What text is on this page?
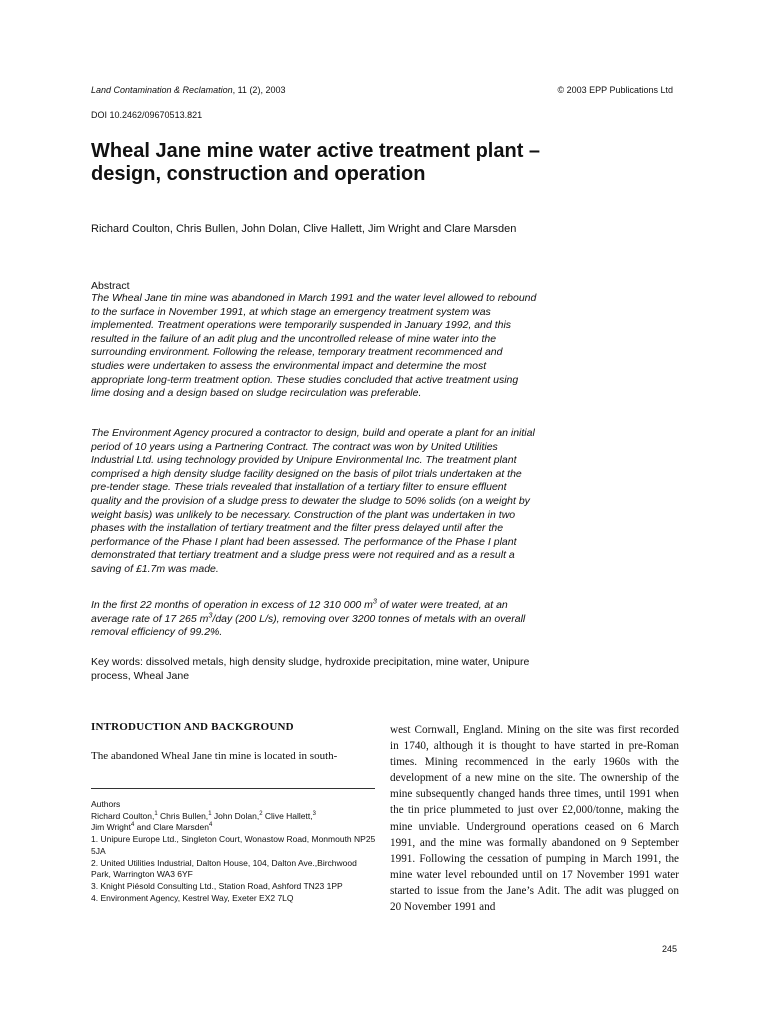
Land Contamination & Reclamation, 11 (2), 2003	© 2003 EPP Publications Ltd
DOI 10.2462/09670513.821
Wheal Jane mine water active treatment plant – design, construction and operation
Richard Coulton, Chris Bullen, John Dolan, Clive Hallett, Jim Wright and Clare Marsden
Abstract

The Wheal Jane tin mine was abandoned in March 1991 and the water level allowed to rebound to the surface in November 1991, at which stage an emergency treatment system was implemented. Treatment operations were temporarily suspended in January 1992, and this resulted in the failure of an adit plug and the uncontrolled release of mine water into the surrounding environment. Following the release, temporary treatment recommenced and studies were undertaken to assess the environmental impact and determine the most appropriate long-term treatment option. These studies concluded that active treatment using lime dosing and a design based on sludge recirculation was preferable.

The Environment Agency procured a contractor to design, build and operate a plant for an initial period of 10 years using a Partnering Contract. The contract was won by United Utilities Industrial Ltd. using technology provided by Unipure Environmental Inc. The treatment plant comprised a high density sludge facility designed on the basis of pilot trials undertaken at the pre-tender stage. These trials revealed that installation of a tertiary filter to ensure effluent quality and the provision of a sludge press to dewater the sludge to 50% solids (on a weight by weight basis) was unlikely to be necessary. Construction of the plant was undertaken in two phases with the installation of tertiary treatment and the filter press delayed until after the performance of the Phase I plant had been assessed. The performance of the Phase I plant demonstrated that tertiary treatment and a sludge press were not required and as a result a saving of £1.7m was made.

In the first 22 months of operation in excess of 12 310 000 $m^3$ of water were treated, at an average rate of 17 265 $m^3$/day (200 L/s), removing over 3200 tonnes of metals with an overall removal efficiency of 99.2%.

Key words: dissolved metals, high density sludge, hydroxide precipitation, mine water, Unipure process, Wheal Jane
INTRODUCTION AND BACKGROUND
The abandoned Wheal Jane tin mine is located in south-
Authors
Richard Coulton,$^1$ Chris Bullen,$^1$ John Dolan,$^2$ Clive Hallett,$^3$
Jim Wright$^4$ and Clare Marsden$^4$
1. Unipure Europe Ltd., Singleton Court, Wonastow Road, Monmouth NP25 5JA
2. United Utilities Industrial, Dalton House, 104, Dalton Ave.,Birchwood Park, Warrington WA3 6YF
3. Knight Piésold Consulting Ltd., Station Road, Ashford TN23 1PP
4. Environment Agency, Kestrel Way, Exeter EX2 7LQ

west Cornwall, England. Mining on the site was first recorded in 1740, although it is thought to have started in pre-Roman times. Mining recommenced in the early 1960s with the development of a new mine on the site. The ownership of the mine subsequently changed hands three times, until 1991 when the tin price plummeted to just over £2,000/tonne, making the mine unviable. Underground operations ceased on 6 March 1991, and the mine was formally abandoned on 9 September 1991. Following the cessation of pumping in March 1991, the mine water level rebounded until on 17 November 1991 water started to issue from the Jane’s Adit. The adit was plugged on 20 November 1991 and

245
